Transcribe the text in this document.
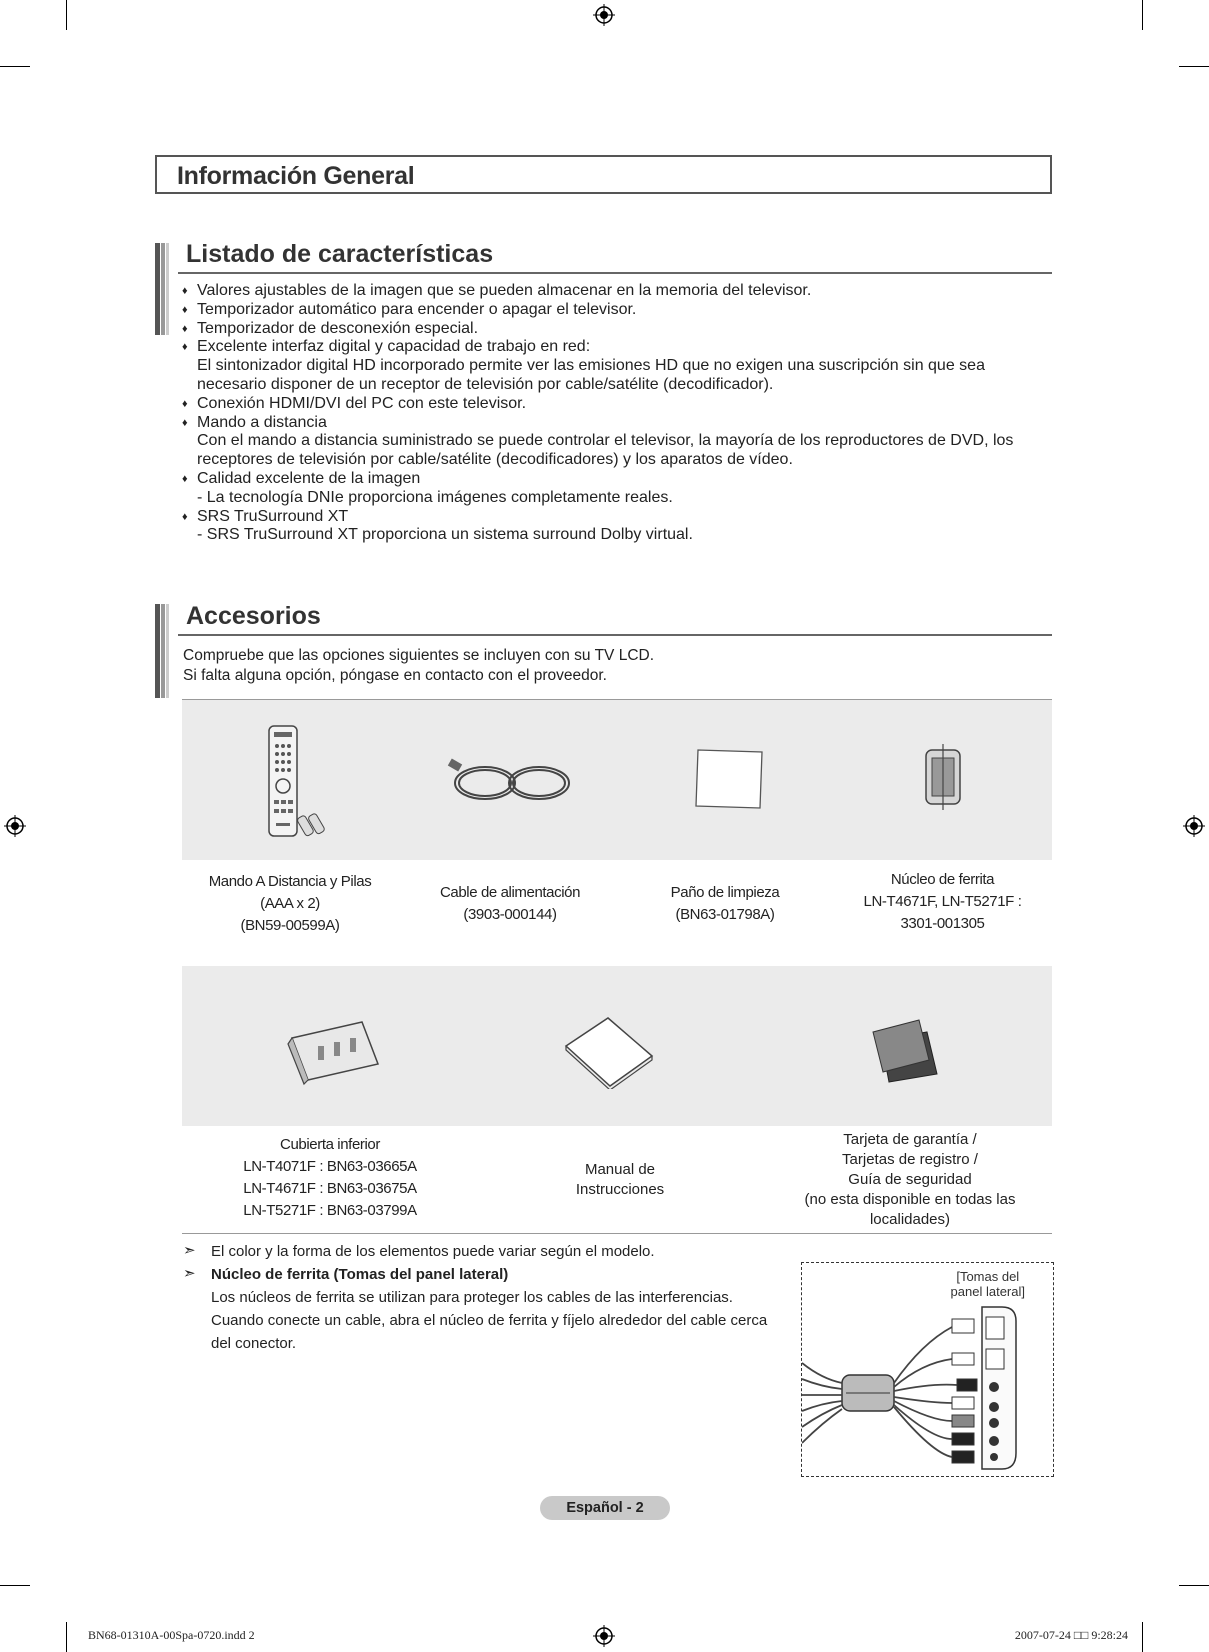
Información General
Listado de características
♦ Valores ajustables de la imagen que se pueden almacenar en la memoria del televisor.
♦ Temporizador automático para encender o apagar el televisor.
♦ Temporizador de desconexión especial.
♦ Excelente interfaz digital y capacidad de trabajo en red:
El sintonizador digital HD incorporado permite ver las emisiones HD que no exigen una suscripción sin que sea
necesario disponer de un receptor de televisión por cable/satélite (decodificador).
♦ Conexión HDMI/DVI del PC con este televisor.
♦ Mando a distancia
Con el mando a distancia suministrado se puede controlar el televisor, la mayoría de los reproductores de DVD, los
receptores de televisión por cable/satélite (decodificadores) y los aparatos de vídeo.
♦ Calidad excelente de la imagen
- La tecnología DNIe proporciona imágenes completamente reales.
♦ SRS TruSurround XT
- SRS TruSurround XT proporciona un sistema surround Dolby virtual.
Accesorios
Compruebe que las opciones siguientes se incluyen con su TV LCD.
Si falta alguna opción, póngase en contacto con el proveedor.
Mando A Distancia y Pilas
(AAA x 2)
(BN59-00599A)
Cable de alimentación
(3903-000144)
Paño de limpieza
(BN63-01798A)
Núcleo de ferrita
LN-T4671F, LN-T5271F :
3301-001305
Cubierta inferior
LN-T4071F : BN63-03665A
LN-T4671F : BN63-03675A
LN-T5271F : BN63-03799A
Manual de
Instrucciones
Tarjeta de garantía /
Tarjetas de registro /
Guía de seguridad
(no esta disponible en todas las
localidades)
➣ El color y la forma de los elementos puede variar según el modelo.
➣ Núcleo de ferrita (Tomas del panel lateral)
Los núcleos de ferrita se utilizan para proteger los cables de las interferencias.
Cuando conecte un cable, abra el núcleo de ferrita y fíjelo alrededor del cable cerca
del conector.
[Tomas del
panel lateral]
Español - 2
BN68-01310A-00Spa-0720.indd 2	2007-07-24 □□ 9:28:24
